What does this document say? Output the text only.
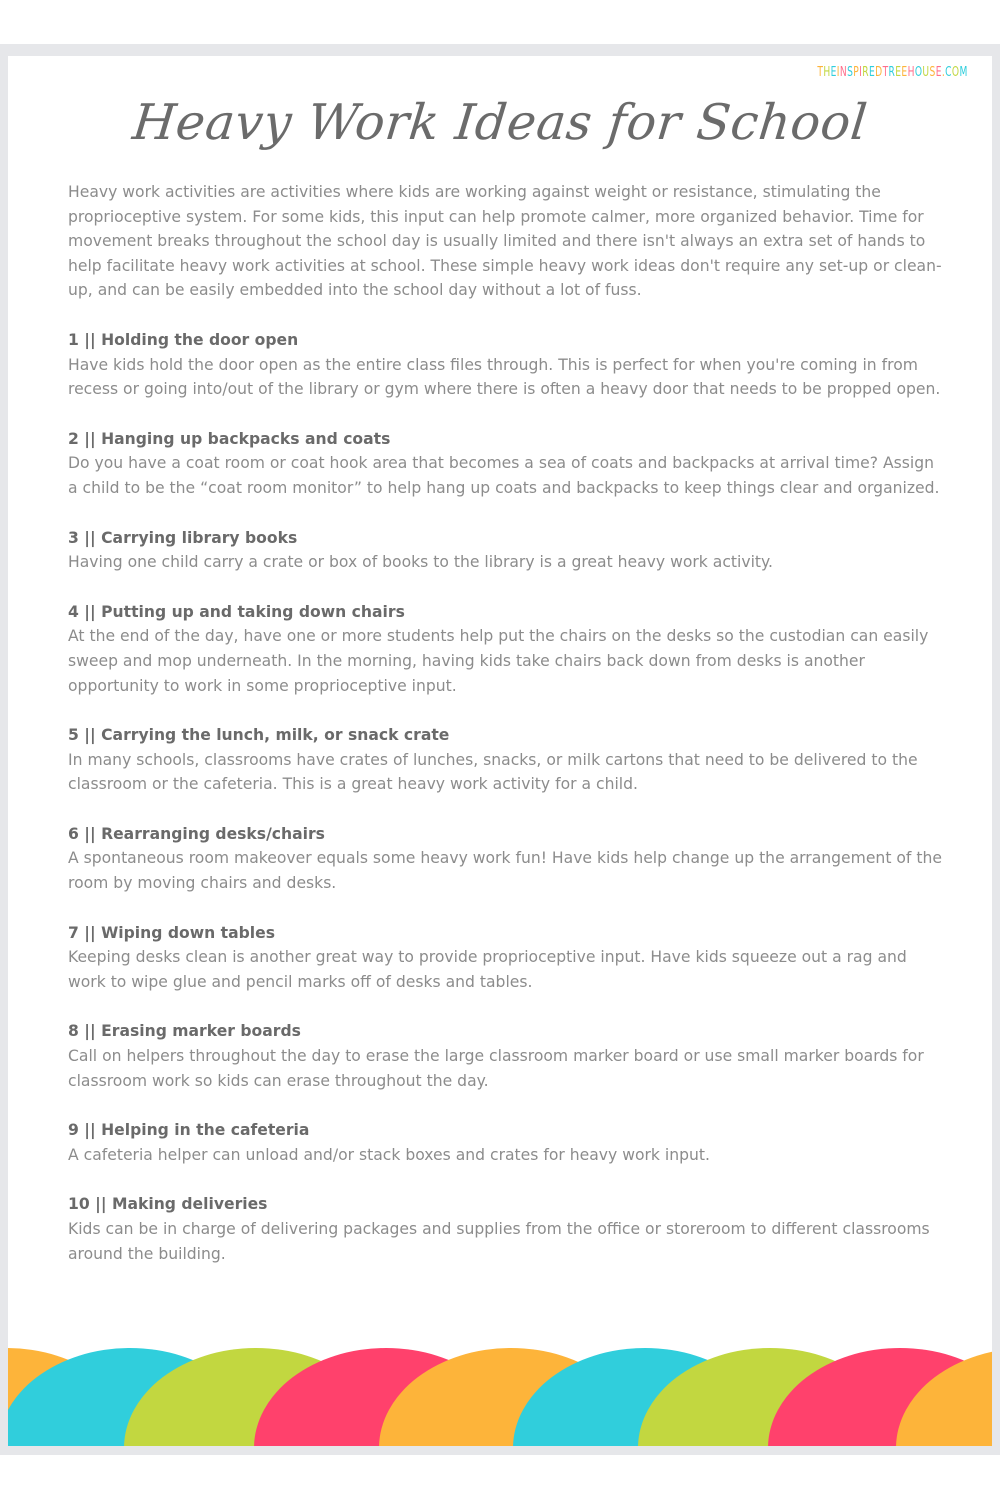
THEINSPIREDTREEHOUSE.COM
Heavy Work Ideas for School

Heavy work activities are activities where kids are working against weight or resistance, stimulating the proprioceptive system. For some kids, this input can help promote calmer, more organized behavior. Time for movement breaks throughout the school day is usually limited and there isn't always an extra set of hands to help facilitate heavy work activities at school. These simple heavy work ideas don't require any set-up or clean-up, and can be easily embedded into the school day without a lot of fuss.

1 || Holding the door open

Have kids hold the door open as the entire class files through. This is perfect for when you're coming in from recess or going into/out of the library or gym where there is often a heavy door that needs to be propped open.

2 || Hanging up backpacks and coats

Do you have a coat room or coat hook area that becomes a sea of coats and backpacks at arrival time? Assign a child to be the “coat room monitor” to help hang up coats and backpacks to keep things clear and organized.

3 || Carrying library books

Having one child carry a crate or box of books to the library is a great heavy work activity.

4 || Putting up and taking down chairs

At the end of the day, have one or more students help put the chairs on the desks so the custodian can easily sweep and mop underneath. In the morning, having kids take chairs back down from desks is another opportunity to work in some proprioceptive input.

5 || Carrying the lunch, milk, or snack crate

In many schools, classrooms have crates of lunches, snacks, or milk cartons that need to be delivered to the classroom or the cafeteria. This is a great heavy work activity for a child.

6 || Rearranging desks/chairs

A spontaneous room makeover equals some heavy work fun! Have kids help change up the arrangement of the room by moving chairs and desks.

7 || Wiping down tables

Keeping desks clean is another great way to provide proprioceptive input. Have kids squeeze out a rag and work to wipe glue and pencil marks off of desks and tables.

8 || Erasing marker boards

Call on helpers throughout the day to erase the large classroom marker board or use small marker boards for classroom work so kids can erase throughout the day.

9 || Helping in the cafeteria

A cafeteria helper can unload and/or stack boxes and crates for heavy work input.

10 || Making deliveries

Kids can be in charge of delivering packages and supplies from the office or storeroom to different classrooms around the building.
